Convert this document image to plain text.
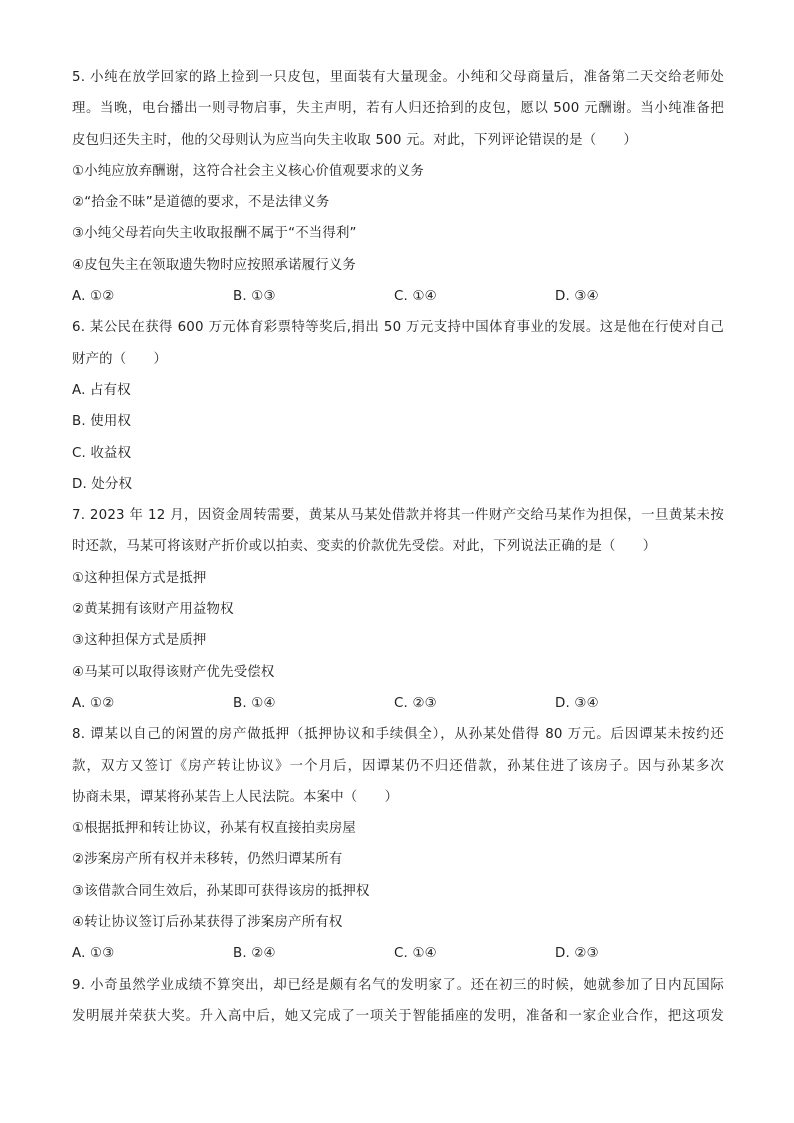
5. 小纯在放学回家的路上捡到一只皮包，里面装有大量现金。小纯和父母商量后，准备第二天交给老师处
理。当晚，电台播出一则寻物启事，失主声明，若有人归还拾到的皮包，愿以 500 元酬谢。当小纯准备把
皮包归还失主时，他的父母则认为应当向失主收取 500 元。对此，下列评论错误的是（　　）
①小纯应放弃酬谢，这符合社会主义核心价值观要求的义务
②“拾金不昧”是道德的要求，不是法律义务
③小纯父母若向失主收取报酬不属于“不当得利”
④皮包失主在领取遗失物时应按照承诺履行义务
A. ①②	B. ①③	C. ①④	D. ③④
6. 某公民在获得 600 万元体育彩票特等奖后,捐出 50 万元支持中国体育事业的发展。这是他在行使对自己
财产的（　　）
A. 占有权
B. 使用权
C. 收益权
D. 处分权
7. 2023 年 12 月，因资金周转需要，黄某从马某处借款并将其一件财产交给马某作为担保，一旦黄某未按
时还款，马某可将该财产折价或以拍卖、变卖的价款优先受偿。对此，下列说法正确的是（　　）
①这种担保方式是抵押
②黄某拥有该财产用益物权
③这种担保方式是质押
④马某可以取得该财产优先受偿权
A. ①②	B. ①④	C. ②③	D. ③④
8. 谭某以自己的闲置的房产做抵押（抵押协议和手续俱全），从孙某处借得 80 万元。后因谭某未按约还
款，双方又签订《房产转让协议》一个月后，因谭某仍不归还借款，孙某住进了该房子。因与孙某多次
协商未果，谭某将孙某告上人民法院。本案中（　　）
①根据抵押和转让协议，孙某有权直接拍卖房屋
②涉案房产所有权并未移转，仍然归谭某所有
③该借款合同生效后，孙某即可获得该房的抵押权
④转让协议签订后孙某获得了涉案房产所有权
A. ①③	B. ②④	C. ①④	D. ②③
9. 小奇虽然学业成绩不算突出，却已经是颇有名气的发明家了。还在初三的时候，她就参加了日内瓦国际
发明展并荣获大奖。升入高中后，她又完成了一项关于智能插座的发明，准备和一家企业合作，把这项发
